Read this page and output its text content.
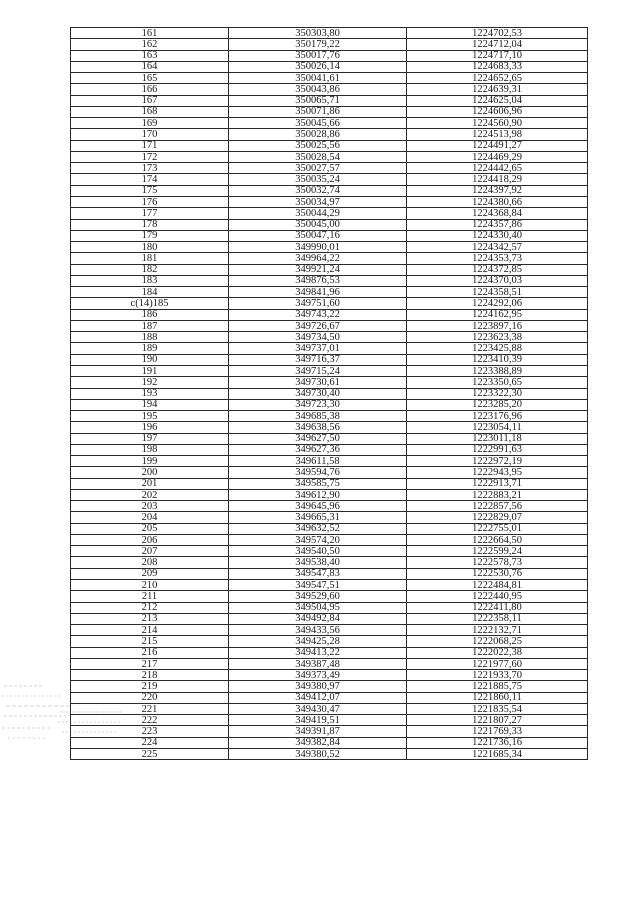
161	350303,80	1224702,53
162	350179,22	1224712,04
163	350017,76	1224717,10
164	350026,14	1224683,33
165	350041,61	1224652,65
166	350043,86	1224639,31
167	350065,71	1224625,04
168	350071,86	1224606,96
169	350045,66	1224560,90
170	350028,86	1224513,98
171	350025,56	1224491,27
172	350028,54	1224469,29
173	350027,57	1224442,65
174	350035,24	1224418,29
175	350032,74	1224397,92
176	350034,97	1224380,66
177	350044,29	1224368,84
178	350045,00	1224357,86
179	350047,16	1224330,40
180	349990,01	1224342,57
181	349964,22	1224353,73
182	349921,24	1224372,85
183	349876,53	1224370,03
184	349841,96	1224358,51
c(14)185	349751,60	1224292,06
186	349743,22	1224162,95
187	349726,67	1223897,16
188	349734,50	1223623,38
189	349737,01	1223425,88
190	349716,37	1223410,39
191	349715,24	1223388,89
192	349730,61	1223350,65
193	349730,40	1223322,30
194	349723,30	1223285,20
195	349685,38	1223176,96
196	349638,56	1223054,11
197	349627,50	1223011,18
198	349627,36	1222991,63
199	349611,58	1222972,19
200	349594,76	1222943,95
201	349585,75	1222913,71
202	349612,90	1222883,21
203	349645,96	1222857,56
204	349665,31	1222829,07
205	349632,52	1222755,01
206	349574,20	1222664,50
207	349540,50	1222599,24
208	349538,40	1222578,73
209	349547,83	1222530,76
210	349547,51	1222484,81
211	349529,60	1222440,95
212	349504,95	1222411,80
213	349492,84	1222358,11
214	349433,56	1222132,71
215	349425,28	1222068,25
216	349413,22	1222022,38
217	349387,48	1221977,60
218	349373,49	1221933,70
219	349380,97	1221885,75
220	349412,07	1221860,11
221	349430,47	1221835,54
222	349419,51	1221807,27
223	349391,87	1221769,33
224	349382,84	1221736,16
225	349380,52	1221685,34
